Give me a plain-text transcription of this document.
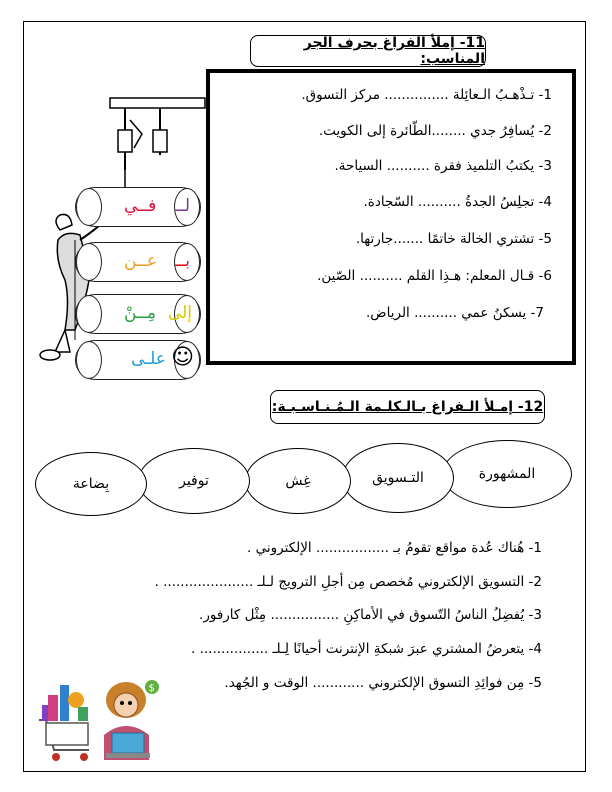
11- إملأ الفراغ بحرف الجر المناسب:
فــي لــ
عــن بــ
مِــنْ إلى
علـى ☺
1- تـذْهـبُ الـعائِلة ............... مركز التسوق.
2- يُسافِرُ جدي ........الطّائرة إلى الكويت.
3- يكتبُ التلميذ فقرة .......... السياحة.
4- تجلِسُ الجدةُ .......... السّجادة.
5- تشتري الخالة خاتمًا .......جارتها.
6- قـال المعلم: هـذِا القلم .......... الصّين.
7- يسكنُ عمي .......... الرياض.
12- إمـلأ الـفراغ بـالـكلـمة الـمُـنـاسـبـة:
المشهورة
التـسويق
غِش
توفير
بِضاعة
1- هُناك عُدة مواقع تقومُ بـ ................. الإلكتروني .
2- التسويق الإلكتروني مُخصص مِن أجلِ الترويج لـلـ ..................... .
3- يُفضِلُ الناسُ التّسوق في الأماكِنِ ................ مِثْل كارفور.
4- يتعرضُ المشتري عبرَ شبكةِ الإنترنت أحيانًا لِـلـ ................ .
5- مِن فوائِدِ التسوق الإلكتروني ............ الوقت و الجُهد.
$
